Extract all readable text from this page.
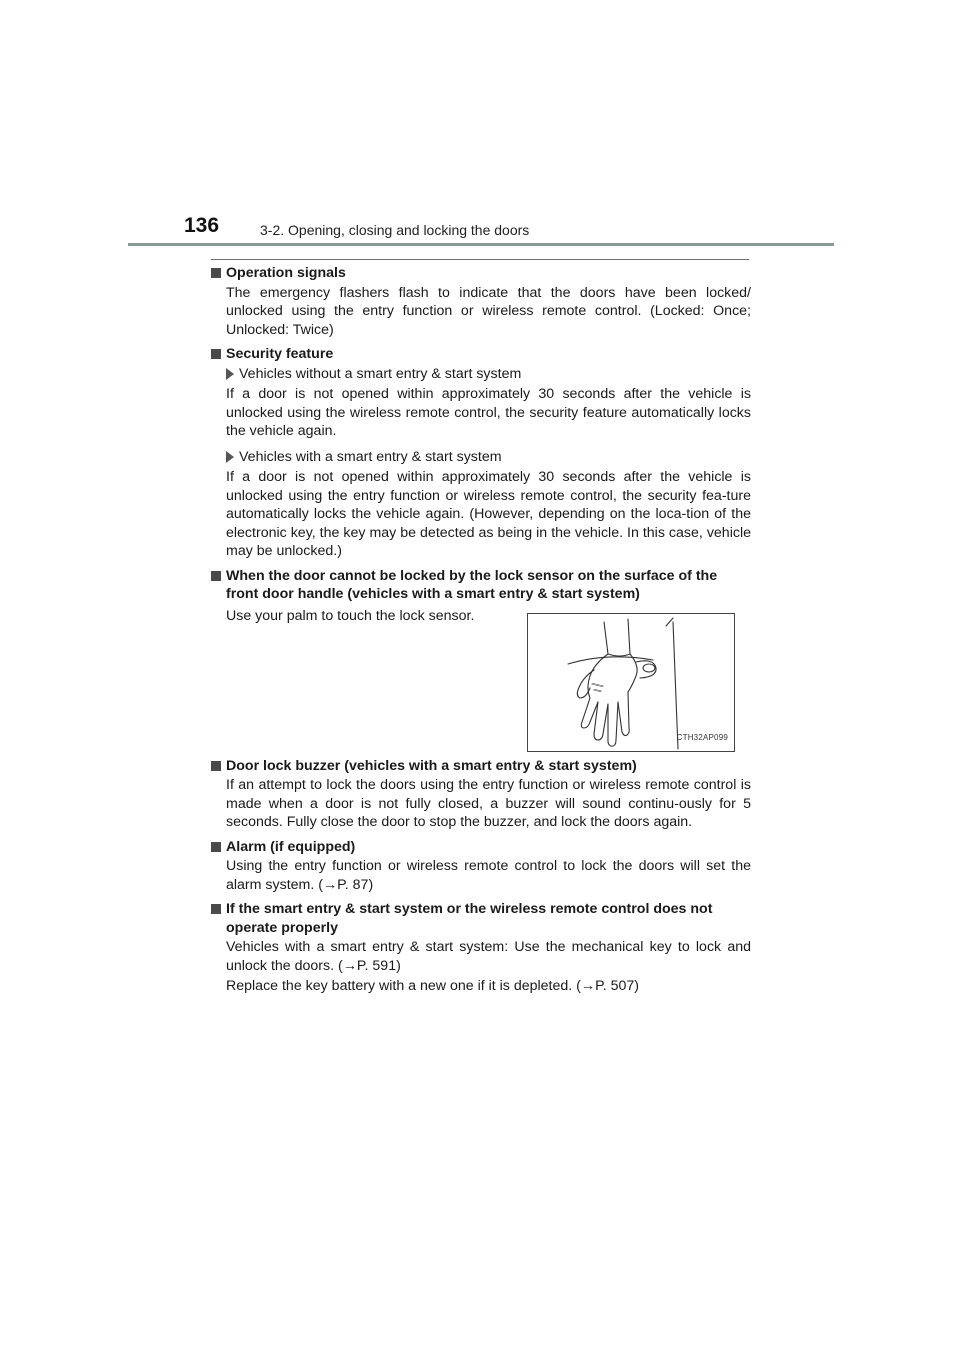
136	3-2. Opening, closing and locking the doors
Operation signals
The emergency flashers flash to indicate that the doors have been locked/ unlocked using the entry function or wireless remote control. (Locked: Once; Unlocked: Twice)
Security feature
Vehicles without a smart entry & start system
If a door is not opened within approximately 30 seconds after the vehicle is unlocked using the wireless remote control, the security feature automatically locks the vehicle again.
Vehicles with a smart entry & start system
If a door is not opened within approximately 30 seconds after the vehicle is unlocked using the entry function or wireless remote control, the security fea-ture automatically locks the vehicle again. (However, depending on the loca-tion of the electronic key, the key may be detected as being in the vehicle. In this case, vehicle may be unlocked.)
When the door cannot be locked by the lock sensor on the surface of the front door handle (vehicles with a smart entry & start system)
Use your palm to touch the lock sensor.
CTH32AP099
Door lock buzzer (vehicles with a smart entry & start system)
If an attempt to lock the doors using the entry function or wireless remote control is made when a door is not fully closed, a buzzer will sound continu-ously for 5 seconds. Fully close the door to stop the buzzer, and lock the doors again.
Alarm (if equipped)
Using the entry function or wireless remote control to lock the doors will set the alarm system. (→P. 87)
If the smart entry & start system or the wireless remote control does not operate properly
Vehicles with a smart entry & start system: Use the mechanical key to lock and unlock the doors. (→P. 591)
Replace the key battery with a new one if it is depleted. (→P. 507)
